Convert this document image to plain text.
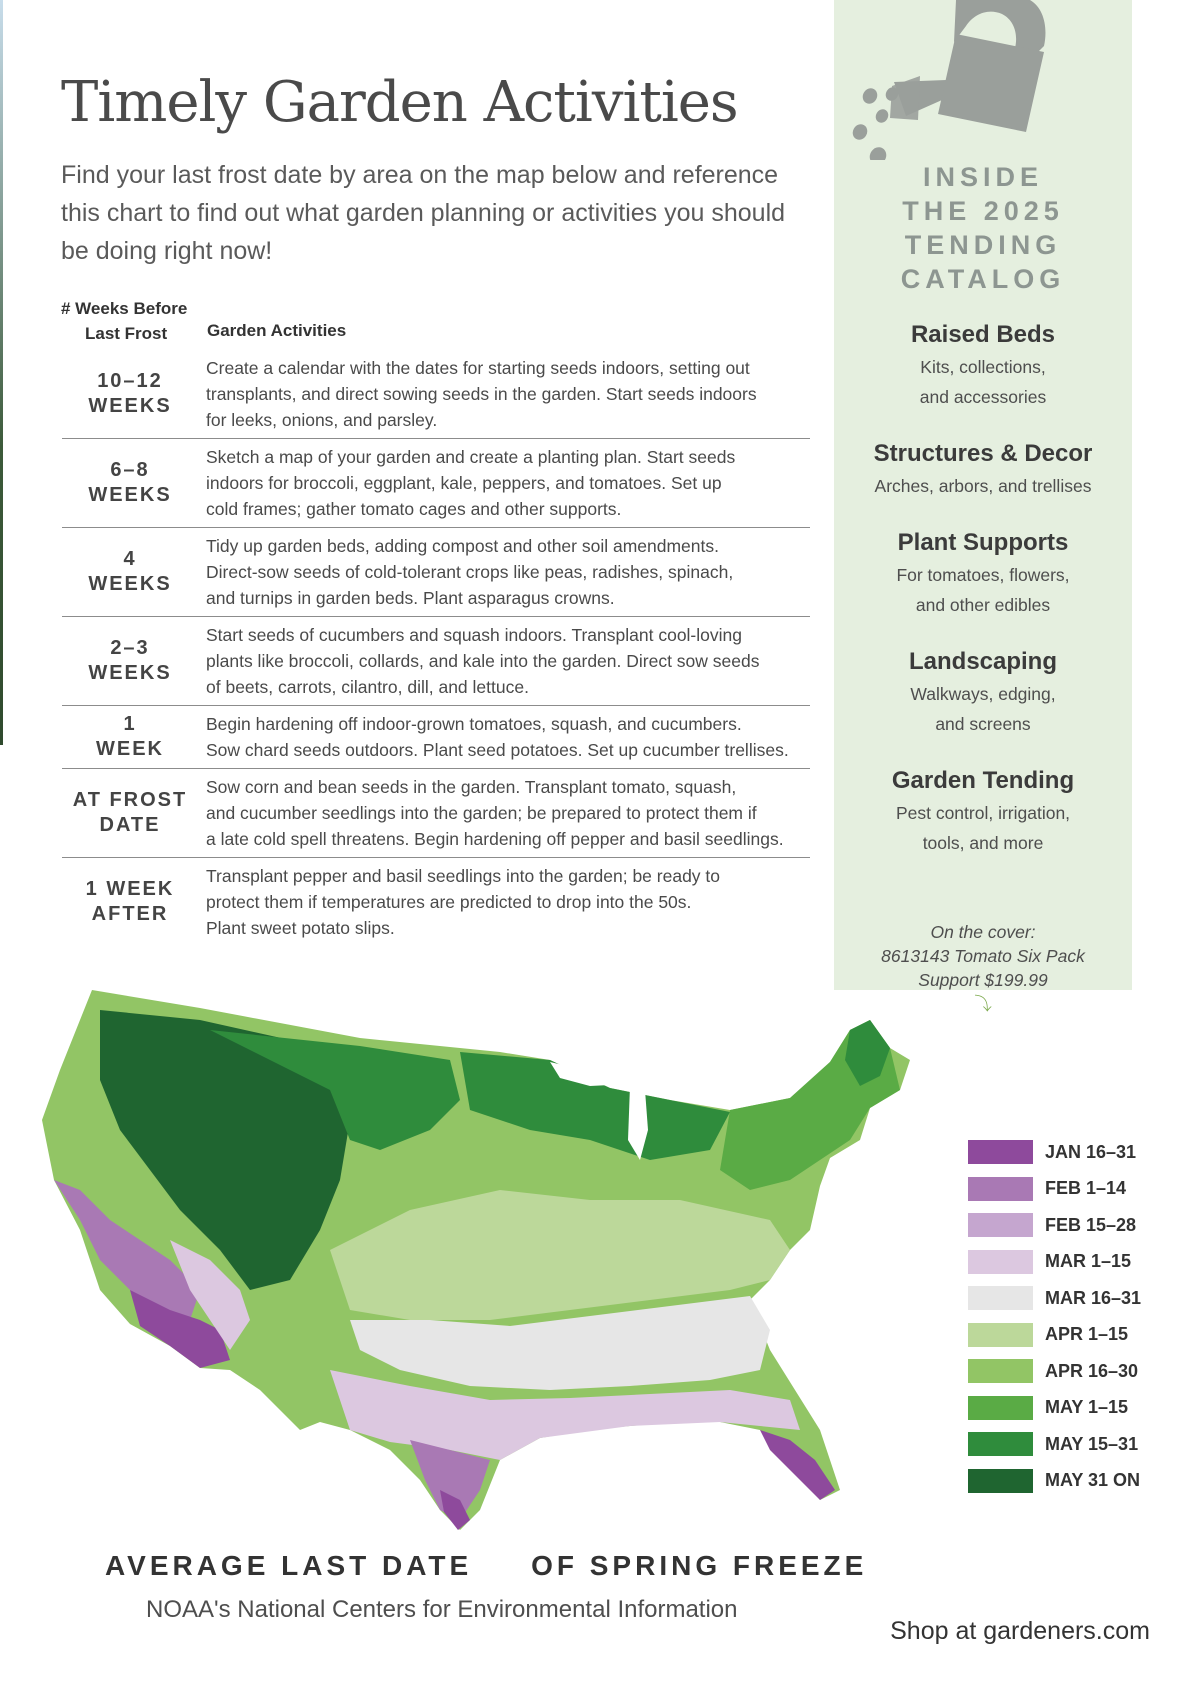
Timely Garden Activities

Find your last frost date by area on the map below and reference this chart to find out what garden planning or activities you should be doing right now!

# Weeks Before
Last Frost	Garden Activities
10–12
WEEKS
Create a calendar with the dates for starting seeds indoors, setting out
transplants, and direct sowing seeds in the garden. Start seeds indoors
for leeks, onions, and parsley.
6–8
WEEKS
Sketch a map of your garden and create a planting plan. Start seeds
indoors for broccoli, eggplant, kale, peppers, and tomatoes. Set up
cold frames; gather tomato cages and other supports.
4
WEEKS
Tidy up garden beds, adding compost and other soil amendments.
Direct-sow seeds of cold-tolerant crops like peas, radishes, spinach,
and turnips in garden beds. Plant asparagus crowns.
2–3
WEEKS
Start seeds of cucumbers and squash indoors. Transplant cool-loving
plants like broccoli, collards, and kale into the garden. Direct sow seeds
of beets, carrots, cilantro, dill, and lettuce.
1
WEEK
Begin hardening off indoor-grown tomatoes, squash, and cucumbers.
Sow chard seeds outdoors. Plant seed potatoes. Set up cucumber trellises.
AT FROST
DATE
Sow corn and bean seeds in the garden. Transplant tomato, squash,
and cucumber seedlings into the garden; be prepared to protect them if
a late cold spell threatens. Begin hardening off pepper and basil seedlings.
1 WEEK
AFTER
Transplant pepper and basil seedlings into the garden; be ready to
protect them if temperatures are predicted to drop into the 50s.
Plant sweet potato slips.
INSIDE
THE 2025
TENDING
CATALOG
Raised Beds
Kits, collections,
and accessories
Structures & Decor
Arches, arbors, and trellises
Plant Supports
For tomatoes, flowers,
and other edibles
Landscaping
Walkways, edging,
and screens
Garden Tending
Pest control, irrigation,
tools, and more

On the cover:
8613143 Tomato Six Pack
Support $199.99
⤵

JAN 16–31
FEB 1–14
FEB 15–28
MAR 1–15
MAR 16–31
APR 1–15
APR 16–30
MAY 1–15
MAY 15–31
MAY 31 ON
AVERAGE LAST DATE     OF SPRING FREEZE
NOAA's National Centers for Environmental Information
Shop at gardeners.com
